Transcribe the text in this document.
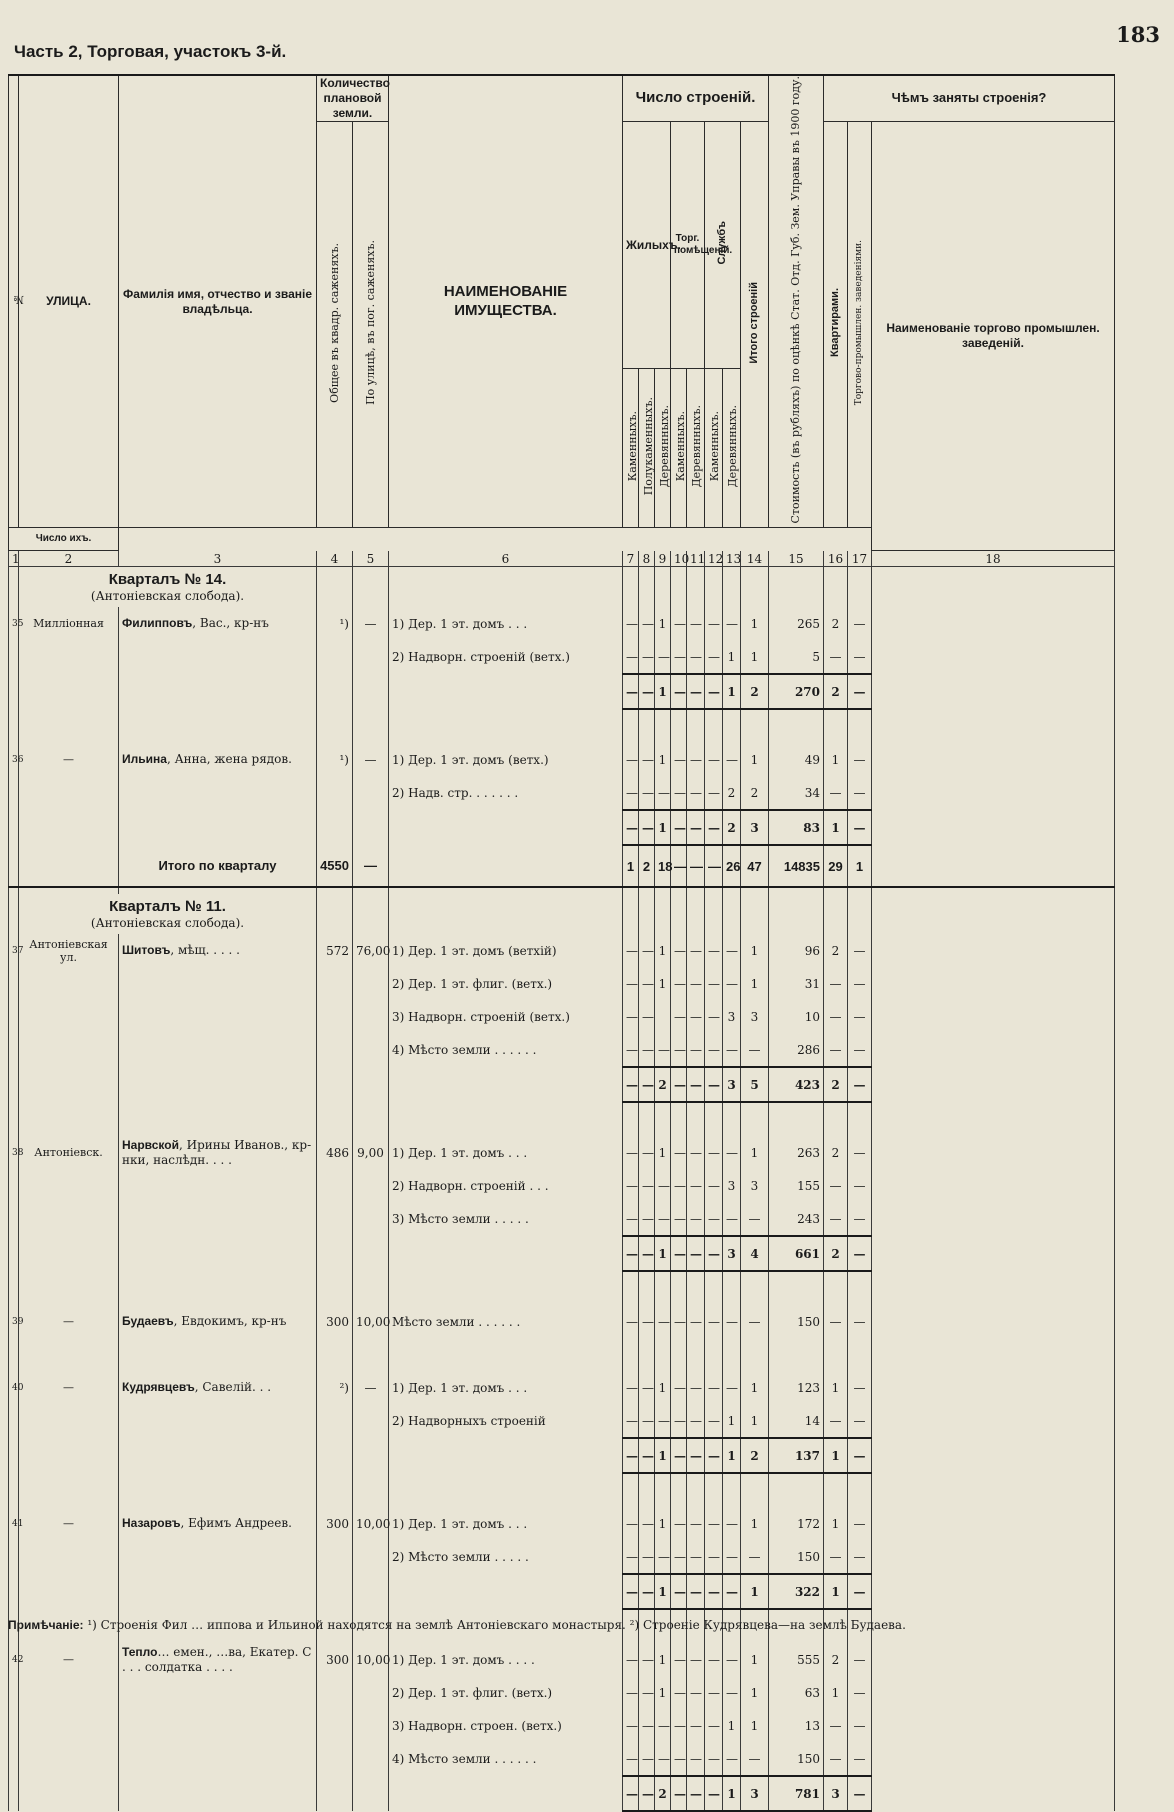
Часть 2, Торговая, участокъ 3-й.
183
№	УЛИЦА.	Фамилія имя, отчество и званіе владѣльца.	Количество плановой земли.		НАИМЕНОВАНІЕ ИМУЩЕСТВА.	Число строеній.								Стоимость (въ рубляхъ) по оцѣнкѣ Стат. Отд. Губ. Зем. Управы въ 1900 году.	Чѣмъ заняты строенія?		
			Общее въ квадр. саженяхъ.	По улицѣ, въ пог. саженяхъ.		Жилыхъ.			Торг. помѣщеній.		Службъ		Итого строеній		Квартирами.	Торгово-промышлен. заведеніями.	Наименованіе торгово промышлен. заведеній.
						Каменныхъ.	Полукаменныхъ.	Деревянныхъ.	Каменныхъ.	Деревянныхъ.	Каменныхъ.	Деревянныхъ.					
Число ихъ.																	
1	2	3	4	5	6	7	8	9	10	11	12	13	14	15	16	17	18

	Кварталъ № 14.
(Антоніевская слобода).																

35	Милліонная	Филипповъ, Вас., кр-нъ	¹)	—	1) Дер. 1 эт. домъ . . .	—	—	1	—	—	—	—	1	265	2	—	
					2) Надворн. строеній (ветх.)	—	—	—	—	—	—	1	1	5	—	—	
						—	—	1	—	—	—	1	2	270	2	—	

36	—	Ильина, Анна, жена рядов.	¹)	—	1) Дер. 1 эт. домъ (ветх.)	—	—	1	—	—	—	—	1	49	1	—	
					2) Надв. стр. . . . . . .	—	—	—	—	—	—	2	2	34	—	—	
						—	—	1	—	—	—	2	3	83	1	—	
		Итого по кварталу	4550	—		1	2	18	—	—	—	26	47	14835	29	1	

	Кварталъ № 11.
(Антоніевская слобода).																

37	Антоніевская ул.	Шитовъ, мѣщ. . . . .	572	76,00	1) Дер. 1 эт. домъ (ветхій)	—	—	1	—	—	—	—	1	96	2	—	
					2) Дер. 1 эт. флиг. (ветх.)	—	—	1	—	—	—	—	1	31	—	—	
					3) Надворн. строеній (ветх.)	—	—		—	—	—	3	3	10	—	—	
					4) Мѣсто земли . . . . . .	—	—	—	—	—	—	—	—	286	—	—	
						—	—	2	—	—	—	3	5	423	2	—	

38	Антоніевск.	Нарвской, Ирины Иванов., кр-нки, наслѣдн. . . .	486	9,00	1) Дер. 1 эт. домъ . . .	—	—	1	—	—	—	—	1	263	2	—	
					2) Надворн. строеній . . .	—	—	—	—	—	—	3	3	155	—	—	
					3) Мѣсто земли . . . . .	—	—	—	—	—	—	—	—	243	—	—	
						—	—	1	—	—	—	3	4	661	2	—	

39	—	Будаевъ, Евдокимъ, кр-нъ	300	10,00	Мѣсто земли . . . . . .	—	—	—	—	—	—	—	—	150	—	—	

40	—	Кудрявцевъ, Савелій. . .	²)	—	1) Дер. 1 эт. домъ . . .	—	—	1	—	—	—	—	1	123	1	—	
					2) Надворныхъ строеній	—	—	—	—	—	—	1	1	14	—	—	
						—	—	1	—	—	—	1	2	137	1	—	

41	—	Назаровъ, Ефимъ Андреев.	300	10,00	1) Дер. 1 эт. домъ . . .	—	—	1	—	—	—	—	1	172	1	—	
					2) Мѣсто земли . . . . .	—	—	—	—	—	—	—	—	150	—	—	
						—	—	1	—	—	—	—	1	322	1	—	

42	—	Тепло… емен., …ва, Екатер. С . . . солдатка . . . .	300	10,00	1) Дер. 1 эт. домъ . . . .	—	—	1	—	—	—	—	1	555	2	—	
					2) Дер. 1 эт. флиг. (ветх.)	—	—	1	—	—	—	—	1	63	1	—	
					3) Надворн. строен. (ветх.)	—	—	—	—	—	—	1	1	13	—	—	
					4) Мѣсто земли . . . . . .	—	—	—	—	—	—	—	—	150	—	—	
						—	—	2	—	—	—	1	3	781	3	—	
Примѣчаніе: ¹) Строенія Фил … иппова и Ильиной находятся на землѣ Антоніевскаго монастыря. ²) Строеніе Кудрявцева—на землѣ Будаева.
